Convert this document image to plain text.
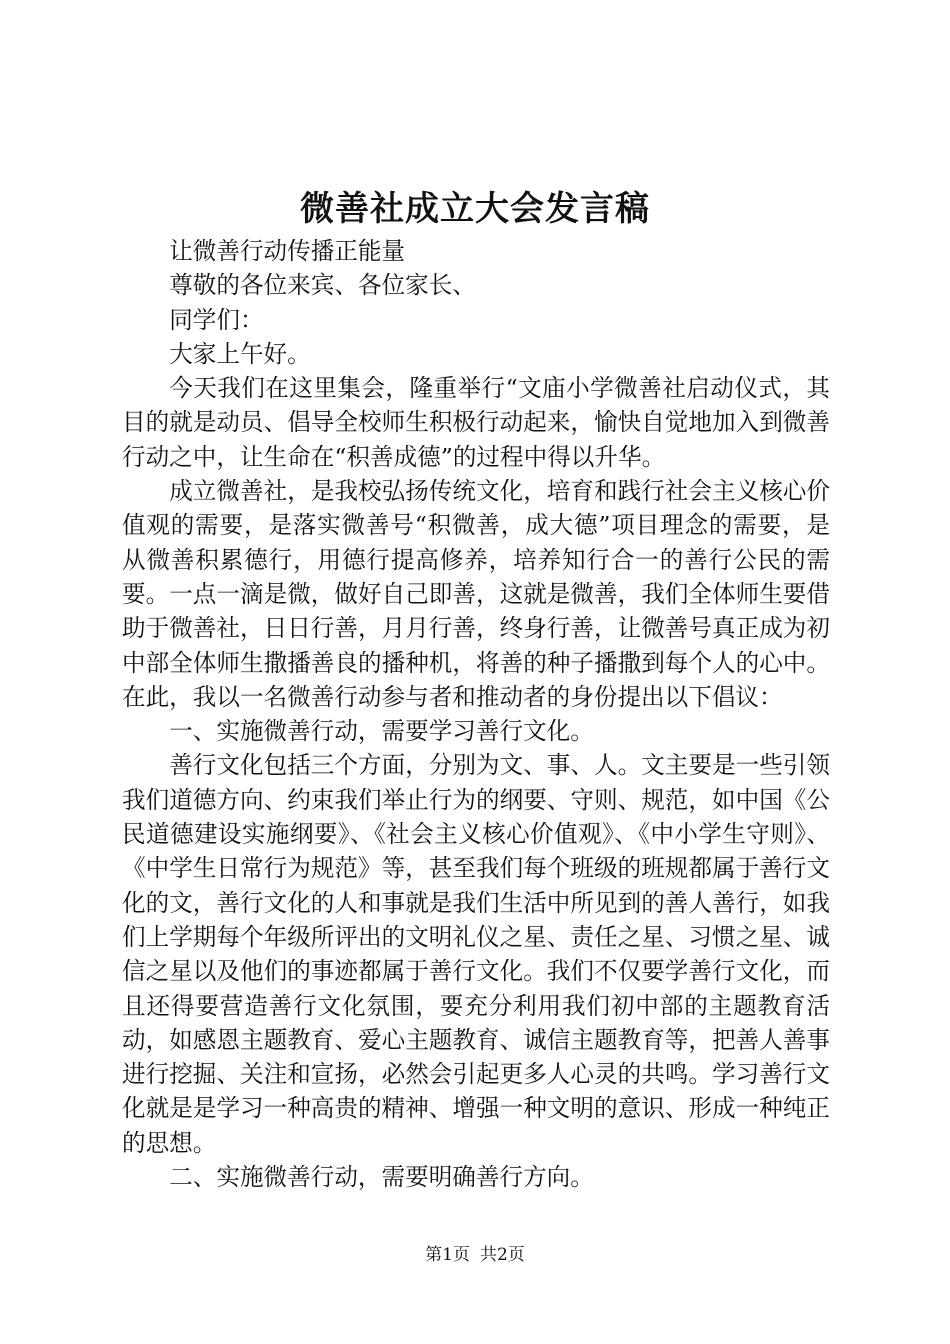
微善社成立大会发言稿

让微善行动传播正能量

尊敬的各位来宾、各位家长、

同学们：

大家上午好。

今天我们在这里集会，隆重举行“文庙小学微善社启动仪式，其目的就是动员、倡导全校师生积极行动起来，愉快自觉地加入到微善行动之中，让生命在“积善成德”的过程中得以升华。

成立微善社，是我校弘扬传统文化，培育和践行社会主义核心价值观的需要，是落实微善号“积微善，成大德”项目理念的需要，是从微善积累德行，用德行提高修养，培养知行合一的善行公民的需要。一点一滴是微，做好自己即善，这就是微善，我们全体师生要借助于微善社，日日行善，月月行善，终身行善，让微善号真正成为初中部全体师生撒播善良的播种机，将善的种子播撒到每个人的心中。在此，我以一名微善行动参与者和推动者的身份提出以下倡议：

一、实施微善行动，需要学习善行文化。

善行文化包括三个方面，分别为文、事、人。文主要是一些引领我们道德方向、约束我们举止行为的纲要、守则、规范，如中国《公民道德建设实施纲要》、《社会主义核心价值观》、《中小学生守则》、《中学生日常行为规范》等，甚至我们每个班级的班规都属于善行文化的文，善行文化的人和事就是我们生活中所见到的善人善行，如我们上学期每个年级所评出的文明礼仪之星、责任之星、习惯之星、诚信之星以及他们的事迹都属于善行文化。我们不仅要学善行文化，而且还得要营造善行文化氛围，要充分利用我们初中部的主题教育活动，如感恩主题教育、爱心主题教育、诚信主题教育等，把善人善事进行挖掘、关注和宣扬，必然会引起更多人心灵的共鸣。学习善行文化就是是学习一种高贵的精神、增强一种文明的意识、形成一种纯正的思想。

二、实施微善行动，需要明确善行方向。

第1页 共2页
